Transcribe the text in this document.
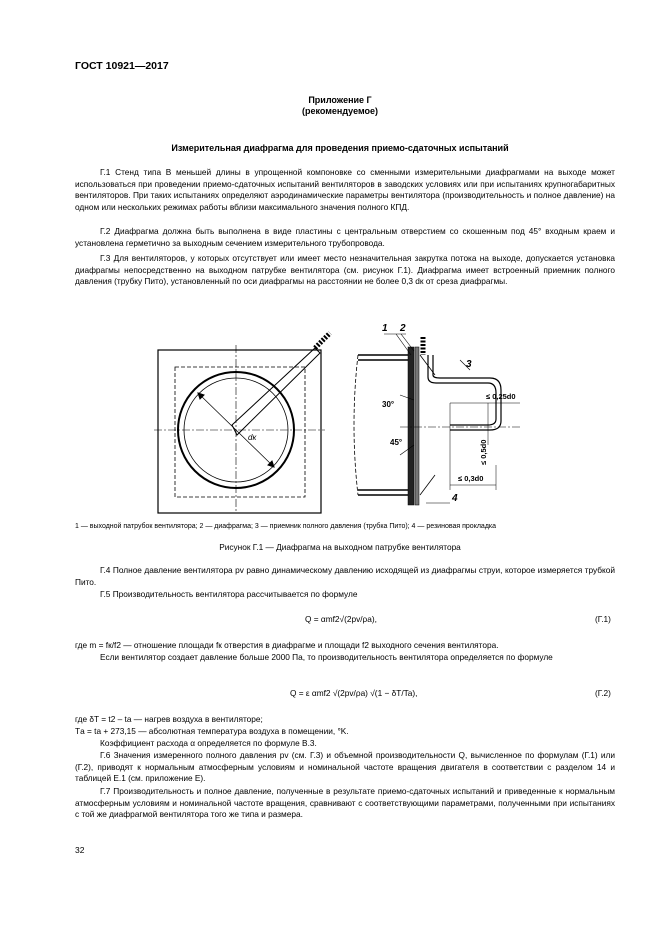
ГОСТ 10921—2017
Приложение Г
(рекомендуемое)
Измерительная диафрагма для проведения приемо-сдаточных испытаний
Г.1 Стенд типа В меньшей длины в упрощенной компоновке со сменными измерительными диафрагмами на выходе может использоваться при проведении приемо-сдаточных испытаний вентиляторов в заводских условиях или при испытаниях крупногабаритных вентиляторов. При таких испытаниях определяют аэродинамические параметры вентилятора (производительность и полное давление) на одном или нескольких режимах работы вблизи максимального значения полного КПД.
Г.2 Диафрагма должна быть выполнена в виде пластины с центральным отверстием со скошенным под 45° входным краем и установлена герметично за выходным сечением измерительного трубопровода.
Г.3 Для вентиляторов, у которых отсутствует или имеет место незначительная закрутка потока на выходе, допускается установка диафрагмы непосредственно на выходном патрубке вентилятора (см. рисунок Г.1). Диафрагма имеет встроенный приемник полного давления (трубку Пито), установленный по оси диафрагмы на расстоянии не более 0,3 dк от среза диафрагмы.
dк
1 2
3
4
30°
45°
≤ 0,25d0
≤ 0,5d0
≤ 0,3d0
1 — выходной патрубок вентилятора; 2 — диафрагма; 3 — приемник полного давления (трубка Пито); 4 — резиновая прокладка
Рисунок Г.1 — Диафрагма на выходном патрубке вентилятора
Г.4 Полное давление вентилятора pv равно динамическому давлению исходящей из диафрагмы струи, которое измеряется трубкой Пито.
Г.5 Производительность вентилятора рассчитывается по формуле
Q = αmf2√(2pv/ρa),	(Г.1)
где m = fк/f2 — отношение площади fк отверстия в диафрагме и площади f2 выходного сечения вентилятора.
Если вентилятор создает давление больше 2000 Па, то производительность вентилятора определяется по формуле
Q = ε αmf2 √(2pv/ρa) √(1 − δT/Ta),	(Г.2)
где δT = t2 – tа — нагрев воздуха в вентиляторе;
Tа = tа + 273,15 — абсолютная температура воздуха в помещении, °K.
Коэффициент расхода α определяется по формуле В.3.
Г.6 Значения измеренного полного давления pv (см. Г.3) и объемной производительности Q, вычисленное по формулам (Г.1) или (Г.2), приводят к нормальным атмосферным условиям и номинальной частоте вращения двигателя в соответствии с разделом 14 и таблицей Е.1 (см. приложение Е).
Г.7 Производительность и полное давление, полученные в результате приемо-сдаточных испытаний и приведенные к нормальным атмосферным условиям и номинальной частоте вращения, сравнивают с соответствующими параметрами, полученными при испытаниях с той же диафрагмой вентилятора того же типа и размера.
32
